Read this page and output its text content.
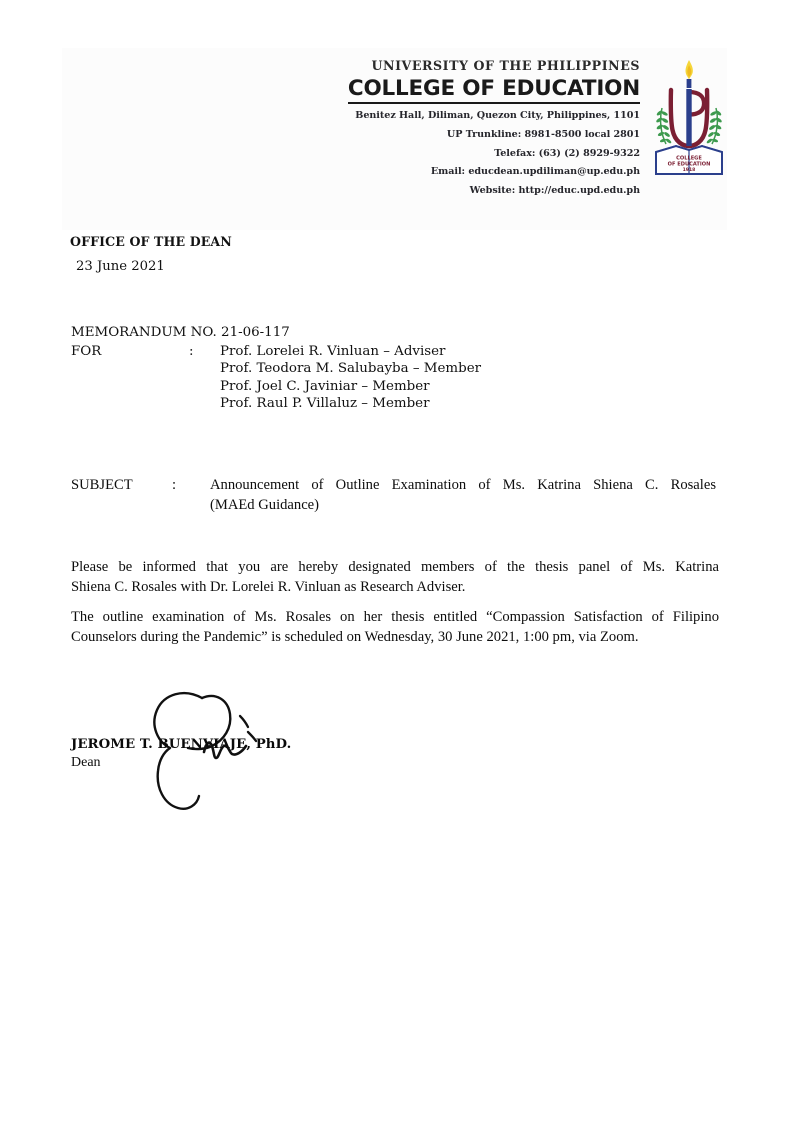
UNIVERSITY OF THE PHILIPPINES
COLLEGE OF EDUCATION
Benitez Hall, Diliman, Quezon City, Philippines, 1101
UP Trunkline: 8981-8500 local 2801
Telefax: (63) (2) 8929-9322
Email: educdean.updiliman@up.edu.ph
Website: http://educ.upd.edu.ph
COLLEGE
OF EDUCATION
1918
OFFICE OF THE DEAN
23 June 2021
MEMORANDUM NO. 21-06-117
FOR	:	Prof. Lorelei R. Vinluan – Adviser
Prof. Teodora M. Salubayba – Member
Prof. Joel C. Javiniar – Member
Prof. Raul P. Villaluz – Member
SUBJECT	:	Announcement of Outline Examination of Ms. Katrina Shiena C. Rosales
(MAEd Guidance)
Please be informed that you are hereby designated members of the thesis panel of Ms. Katrina
Shiena C. Rosales with Dr. Lorelei R. Vinluan as Research Adviser.
The outline examination of Ms. Rosales on her thesis entitled “Compassion Satisfaction of Filipino
Counselors during the Pandemic” is scheduled on Wednesday, 30 June 2021, 1:00 pm, via Zoom.
JEROME T. BUENVIAJE, PhD.
Dean
